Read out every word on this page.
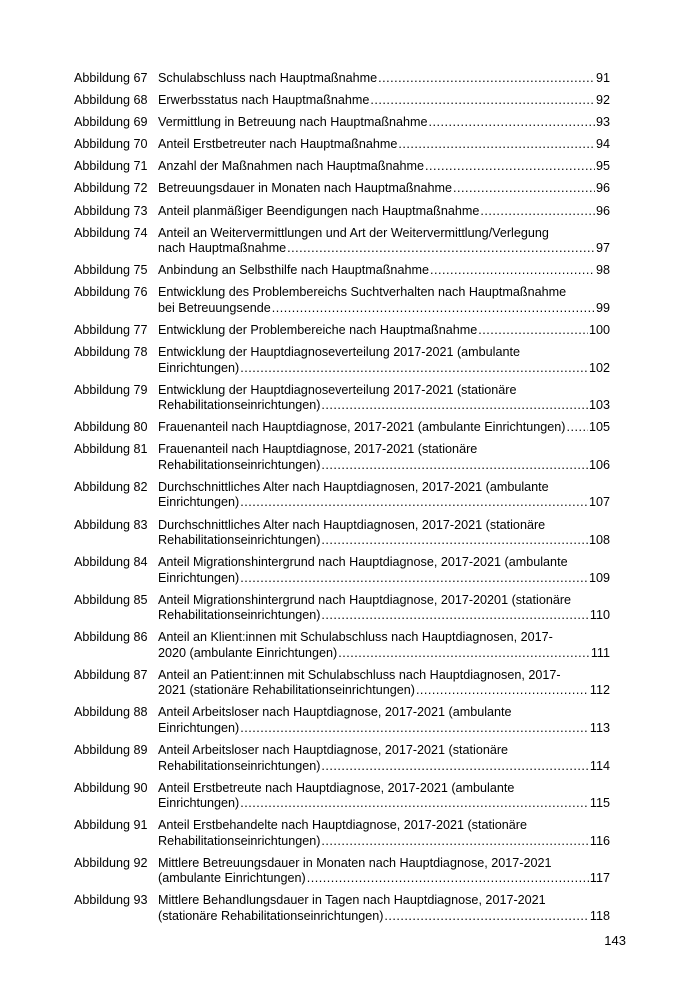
Abbildung 67 Schulabschluss nach Hauptmaßnahme .....	91
Abbildung 68 Erwerbsstatus nach Hauptmaßnahme .....	92
Abbildung 69 Vermittlung in Betreuung nach Hauptmaßnahme .....	93
Abbildung 70 Anteil Erstbetreuter nach Hauptmaßnahme .....	94
Abbildung 71 Anzahl der Maßnahmen nach Hauptmaßnahme .....	95
Abbildung 72 Betreuungsdauer in Monaten nach Hauptmaßnahme .....	96
Abbildung 73 Anteil planmäßiger Beendigungen nach Hauptmaßnahme .....	96
Abbildung 74 Anteil an Weitervermittlungen und Art der Weitervermittlung/Verlegung
nach Hauptmaßnahme .....	97
Abbildung 75 Anbindung an Selbsthilfe nach Hauptmaßnahme .....	98
Abbildung 76 Entwicklung des Problembereichs Suchtverhalten nach Hauptmaßnahme
bei Betreuungsende .....	99
Abbildung 77 Entwicklung der Problembereiche nach Hauptmaßnahme .....	100
Abbildung 78 Entwicklung der Hauptdiagnoseverteilung 2017-2021 (ambulante
Einrichtungen) .....	102
Abbildung 79 Entwicklung der Hauptdiagnoseverteilung 2017-2021 (stationäre
Rehabilitationseinrichtungen) .....	103
Abbildung 80 Frauenanteil nach Hauptdiagnose, 2017-2021 (ambulante Einrichtungen) ..... 105
Abbildung 81 Frauenanteil nach Hauptdiagnose, 2017-2021 (stationäre
Rehabilitationseinrichtungen) .....	106
Abbildung 82 Durchschnittliches Alter nach Hauptdiagnosen, 2017-2021 (ambulante
Einrichtungen) .....	107
Abbildung 83 Durchschnittliches Alter nach Hauptdiagnosen, 2017-2021 (stationäre
Rehabilitationseinrichtungen) .....	108
Abbildung 84 Anteil Migrationshintergrund nach Hauptdiagnose, 2017-2021 (ambulante
Einrichtungen) .....	109
Abbildung 85 Anteil Migrationshintergrund nach Hauptdiagnose, 2017-20201 (stationäre
Rehabilitationseinrichtungen) .....	110
Abbildung 86 Anteil an Klient:innen mit Schulabschluss nach Hauptdiagnosen, 2017-
2020 (ambulante Einrichtungen) .....	111
Abbildung 87 Anteil an Patient:innen mit Schulabschluss nach Hauptdiagnosen, 2017-
2021 (stationäre Rehabilitationseinrichtungen) .....	112
Abbildung 88 Anteil Arbeitsloser nach Hauptdiagnose, 2017-2021 (ambulante
Einrichtungen) .....	113
Abbildung 89 Anteil Arbeitsloser nach Hauptdiagnose, 2017-2021 (stationäre
Rehabilitationseinrichtungen) .....	114
Abbildung 90 Anteil Erstbetreute nach Hauptdiagnose, 2017-2021 (ambulante
Einrichtungen) .....	115
Abbildung 91 Anteil Erstbehandelte nach Hauptdiagnose, 2017-2021 (stationäre
Rehabilitationseinrichtungen) .....	116
Abbildung 92 Mittlere Betreuungsdauer in Monaten nach Hauptdiagnose, 2017-2021
(ambulante Einrichtungen) .....	117
Abbildung 93 Mittlere Behandlungsdauer in Tagen nach Hauptdiagnose, 2017-2021
(stationäre Rehabilitationseinrichtungen) .....	118
143
